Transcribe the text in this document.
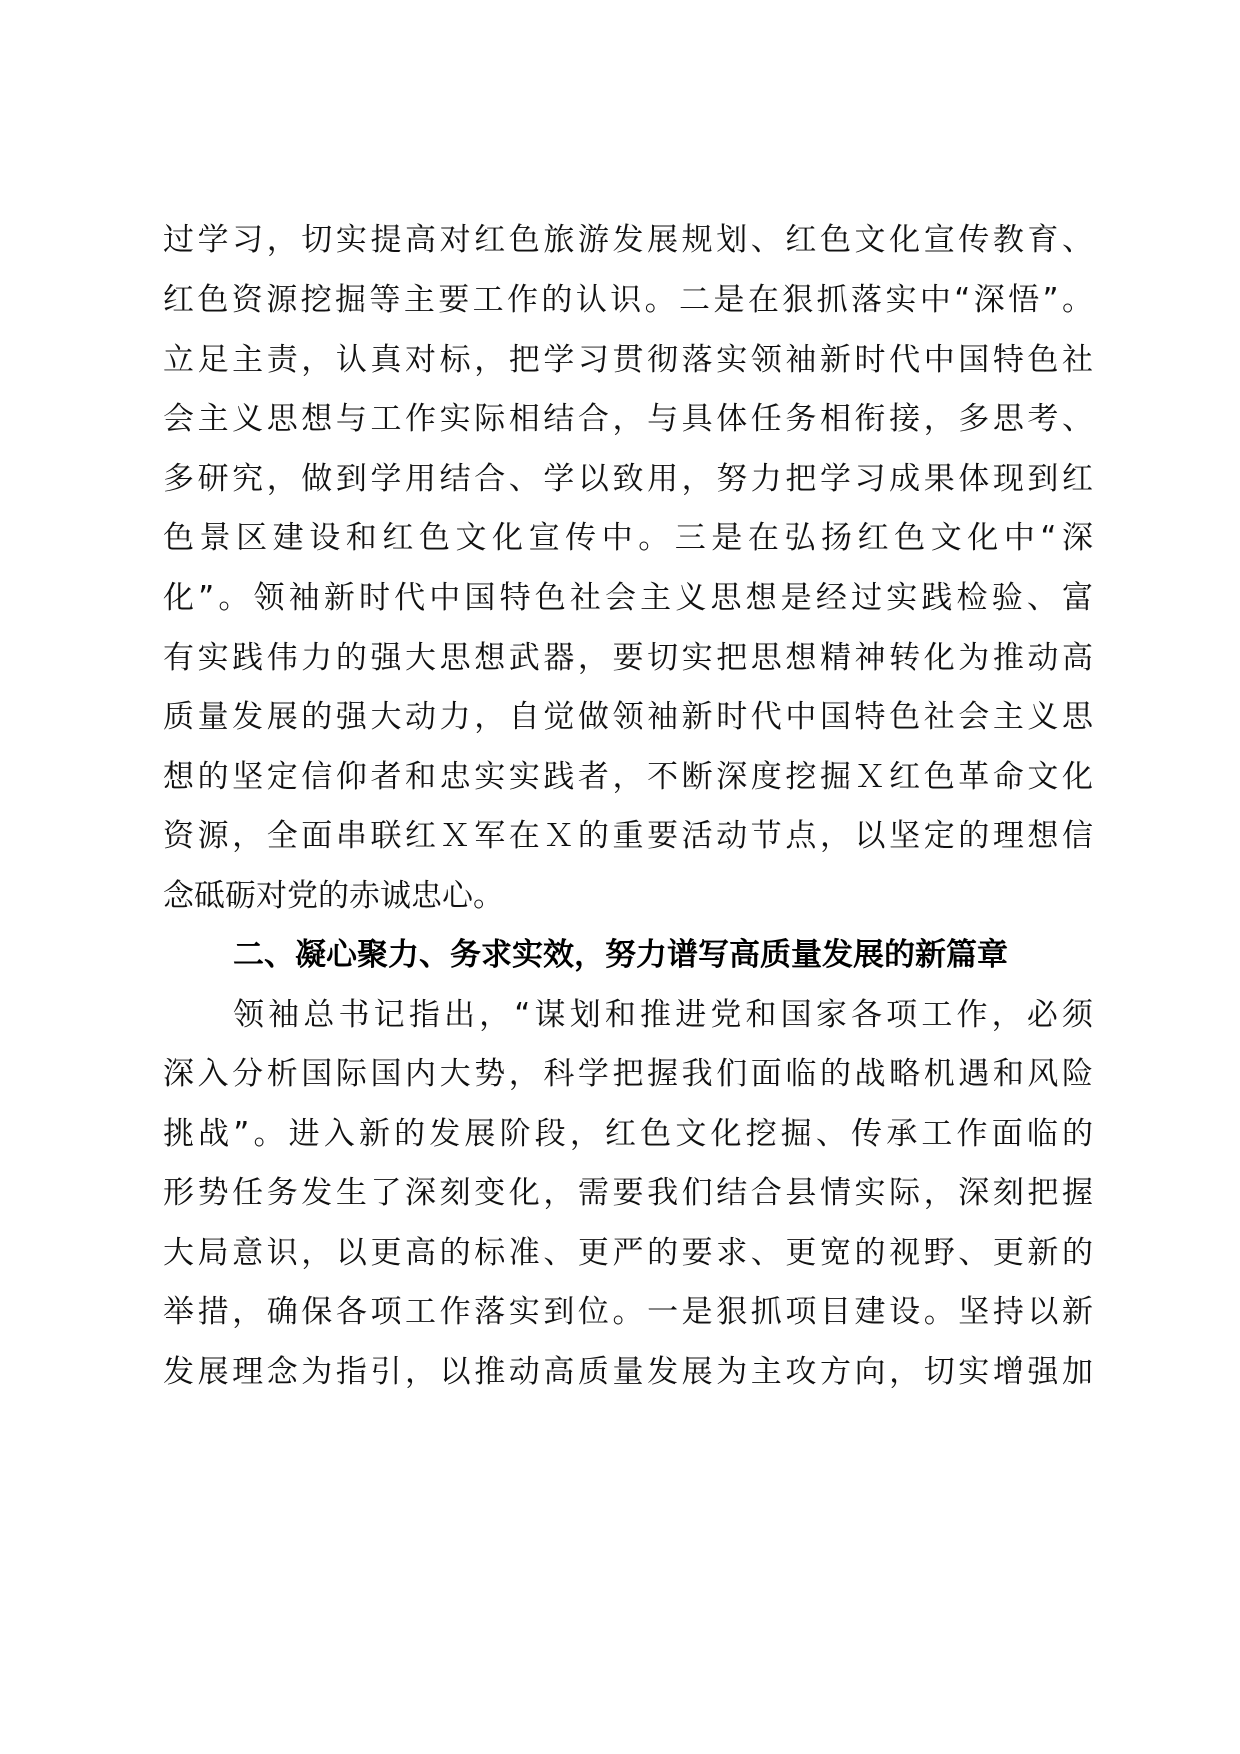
过学习，切实提高对红色旅游发展规划、红色文化宣传教育、
红色资源挖掘等主要工作的认识。二是在狠抓落实中“深悟”。
立足主责，认真对标，把学习贯彻落实领袖新时代中国特色社
会主义思想与工作实际相结合，与具体任务相衔接，多思考、
多研究，做到学用结合、学以致用，努力把学习成果体现到红
色景区建设和红色文化宣传中。三是在弘扬红色文化中“深
化”。领袖新时代中国特色社会主义思想是经过实践检验、富
有实践伟力的强大思想武器，要切实把思想精神转化为推动高
质量发展的强大动力，自觉做领袖新时代中国特色社会主义思
想的坚定信仰者和忠实实践者，不断深度挖掘Ｘ红色革命文化
资源，全面串联红Ｘ军在Ｘ的重要活动节点，以坚定的理想信
念砥砺对党的赤诚忠心。
二、凝心聚力、务求实效，努力谱写高质量发展的新篇章
领袖总书记指出，“谋划和推进党和国家各项工作，必须
深入分析国际国内大势，科学把握我们面临的战略机遇和风险
挑战”。进入新的发展阶段，红色文化挖掘、传承工作面临的
形势任务发生了深刻变化，需要我们结合县情实际，深刻把握
大局意识，以更高的标准、更严的要求、更宽的视野、更新的
举措，确保各项工作落实到位。一是狠抓项目建设。坚持以新
发展理念为指引，以推动高质量发展为主攻方向，切实增强加
